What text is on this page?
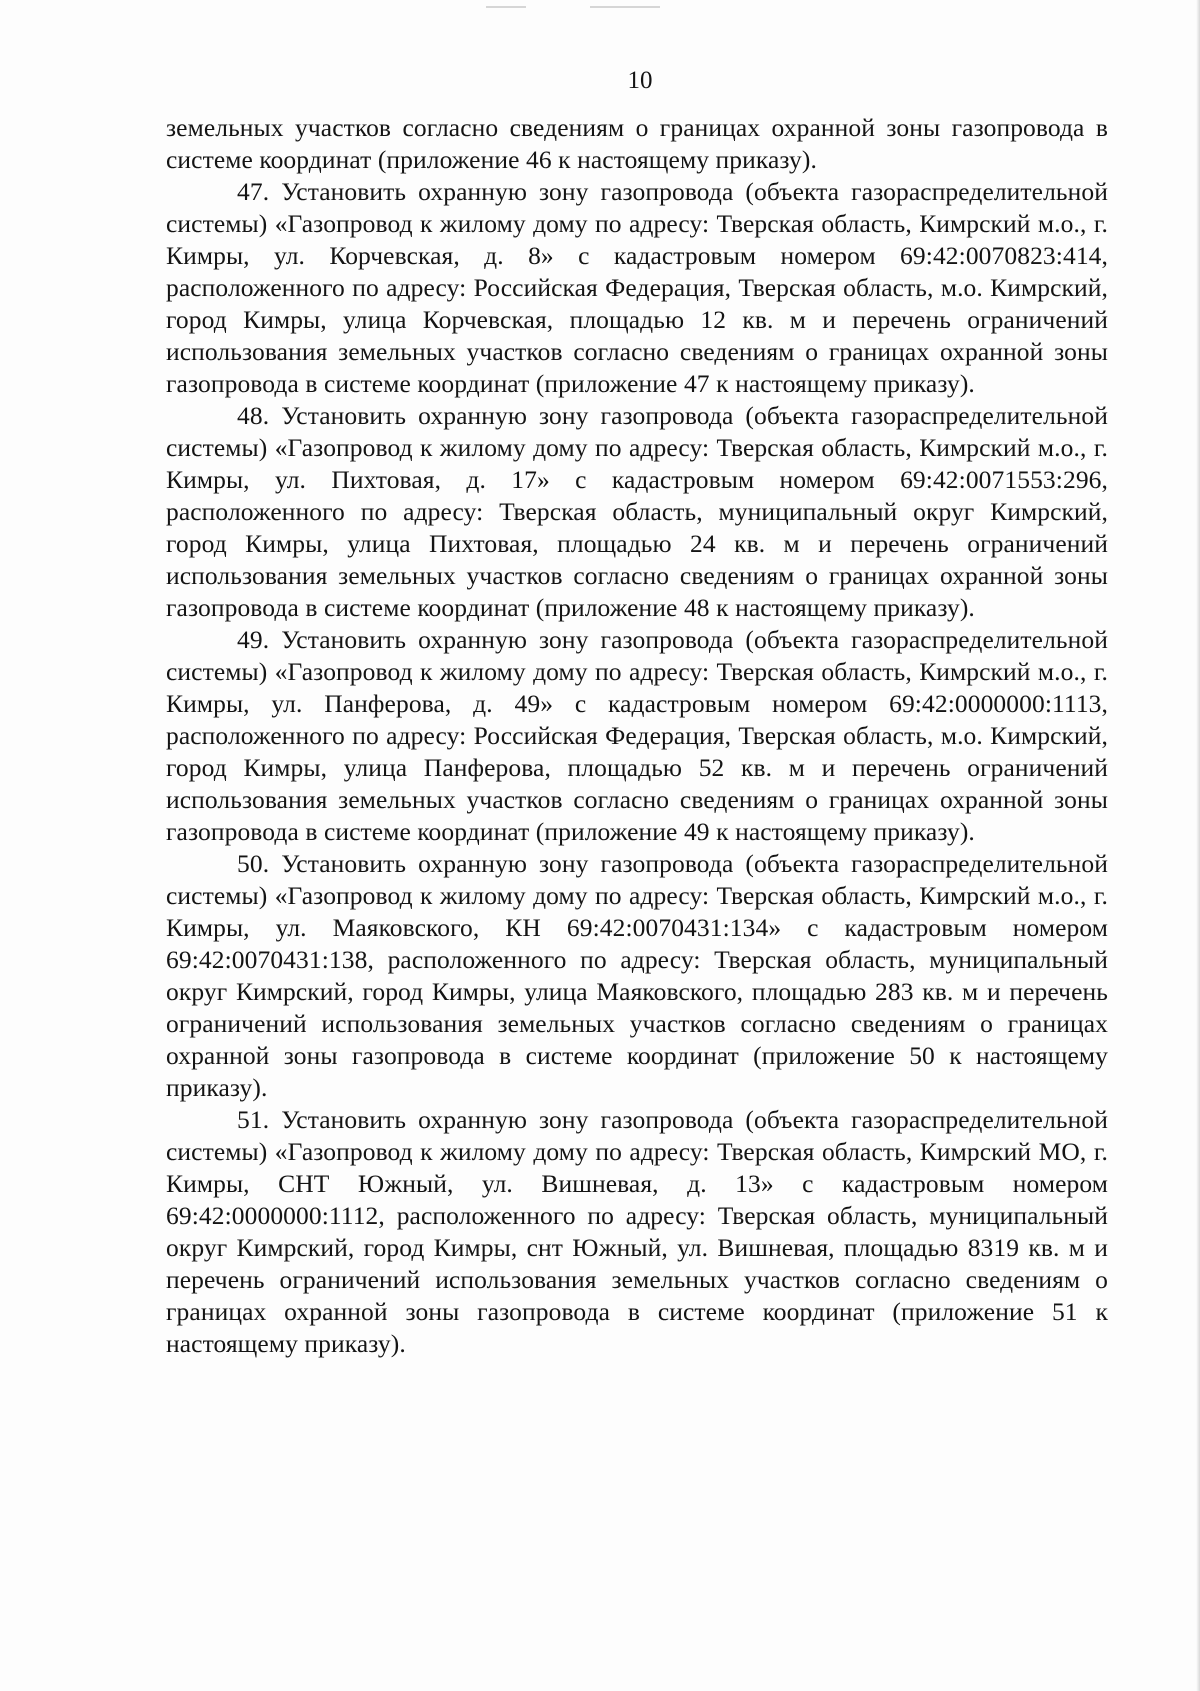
10

земельных участков согласно сведениям о границах охранной зоны газопровода в системе координат (приложение 46 к настоящему приказу).

47. Установить охранную зону газопровода (объекта газораспределительной системы) «Газопровод к жилому дому по адресу: Тверская область, Кимрский м.о., г. Кимры, ул. Корчевская, д. 8» с кадастровым номером 69:42:0070823:414, расположенного по адресу: Российская Федерация, Тверская область, м.о. Кимрский, город Кимры, улица Корчевская, площадью 12 кв. м и перечень ограничений использования земельных участков согласно сведениям о границах охранной зоны газопровода в системе координат (приложение 47 к настоящему приказу).

48. Установить охранную зону газопровода (объекта газораспределительной системы) «Газопровод к жилому дому по адресу: Тверская область, Кимрский м.о., г. Кимры, ул. Пихтовая, д. 17» с кадастровым номером 69:42:0071553:296, расположенного по адресу: Тверская область, муниципальный округ Кимрский, город Кимры, улица Пихтовая, площадью 24 кв. м и перечень ограничений использования земельных участков согласно сведениям о границах охранной зоны газопровода в системе координат (приложение 48 к настоящему приказу).

49. Установить охранную зону газопровода (объекта газораспределительной системы) «Газопровод к жилому дому по адресу: Тверская область, Кимрский м.о., г. Кимры, ул. Панферова, д. 49» с кадастровым номером 69:42:0000000:1113, расположенного по адресу: Российская Федерация, Тверская область, м.о. Кимрский, город Кимры, улица Панферова, площадью 52 кв. м и перечень ограничений использования земельных участков согласно сведениям о границах охранной зоны газопровода в системе координат (приложение 49 к настоящему приказу).

50. Установить охранную зону газопровода (объекта газораспределительной системы) «Газопровод к жилому дому по адресу: Тверская область, Кимрский м.о., г. Кимры, ул. Маяковского, КН 69:42:0070431:134» с кадастровым номером 69:42:0070431:138, расположенного по адресу: Тверская область, муниципальный округ Кимрский, город Кимры, улица Маяковского, площадью 283 кв. м и перечень ограничений использования земельных участков согласно сведениям о границах охранной зоны газопровода в системе координат (приложение 50 к настоящему приказу).

51. Установить охранную зону газопровода (объекта газораспределительной системы) «Газопровод к жилому дому по адресу: Тверская область, Кимрский МО, г. Кимры, СНТ Южный, ул. Вишневая, д. 13» с кадастровым номером 69:42:0000000:1112, расположенного по адресу: Тверская область, муниципальный округ Кимрский, город Кимры, снт Южный, ул. Вишневая, площадью 8319 кв. м и перечень ограничений использования земельных участков согласно сведениям о границах охранной зоны газопровода в системе координат (приложение 51 к настоящему приказу).
